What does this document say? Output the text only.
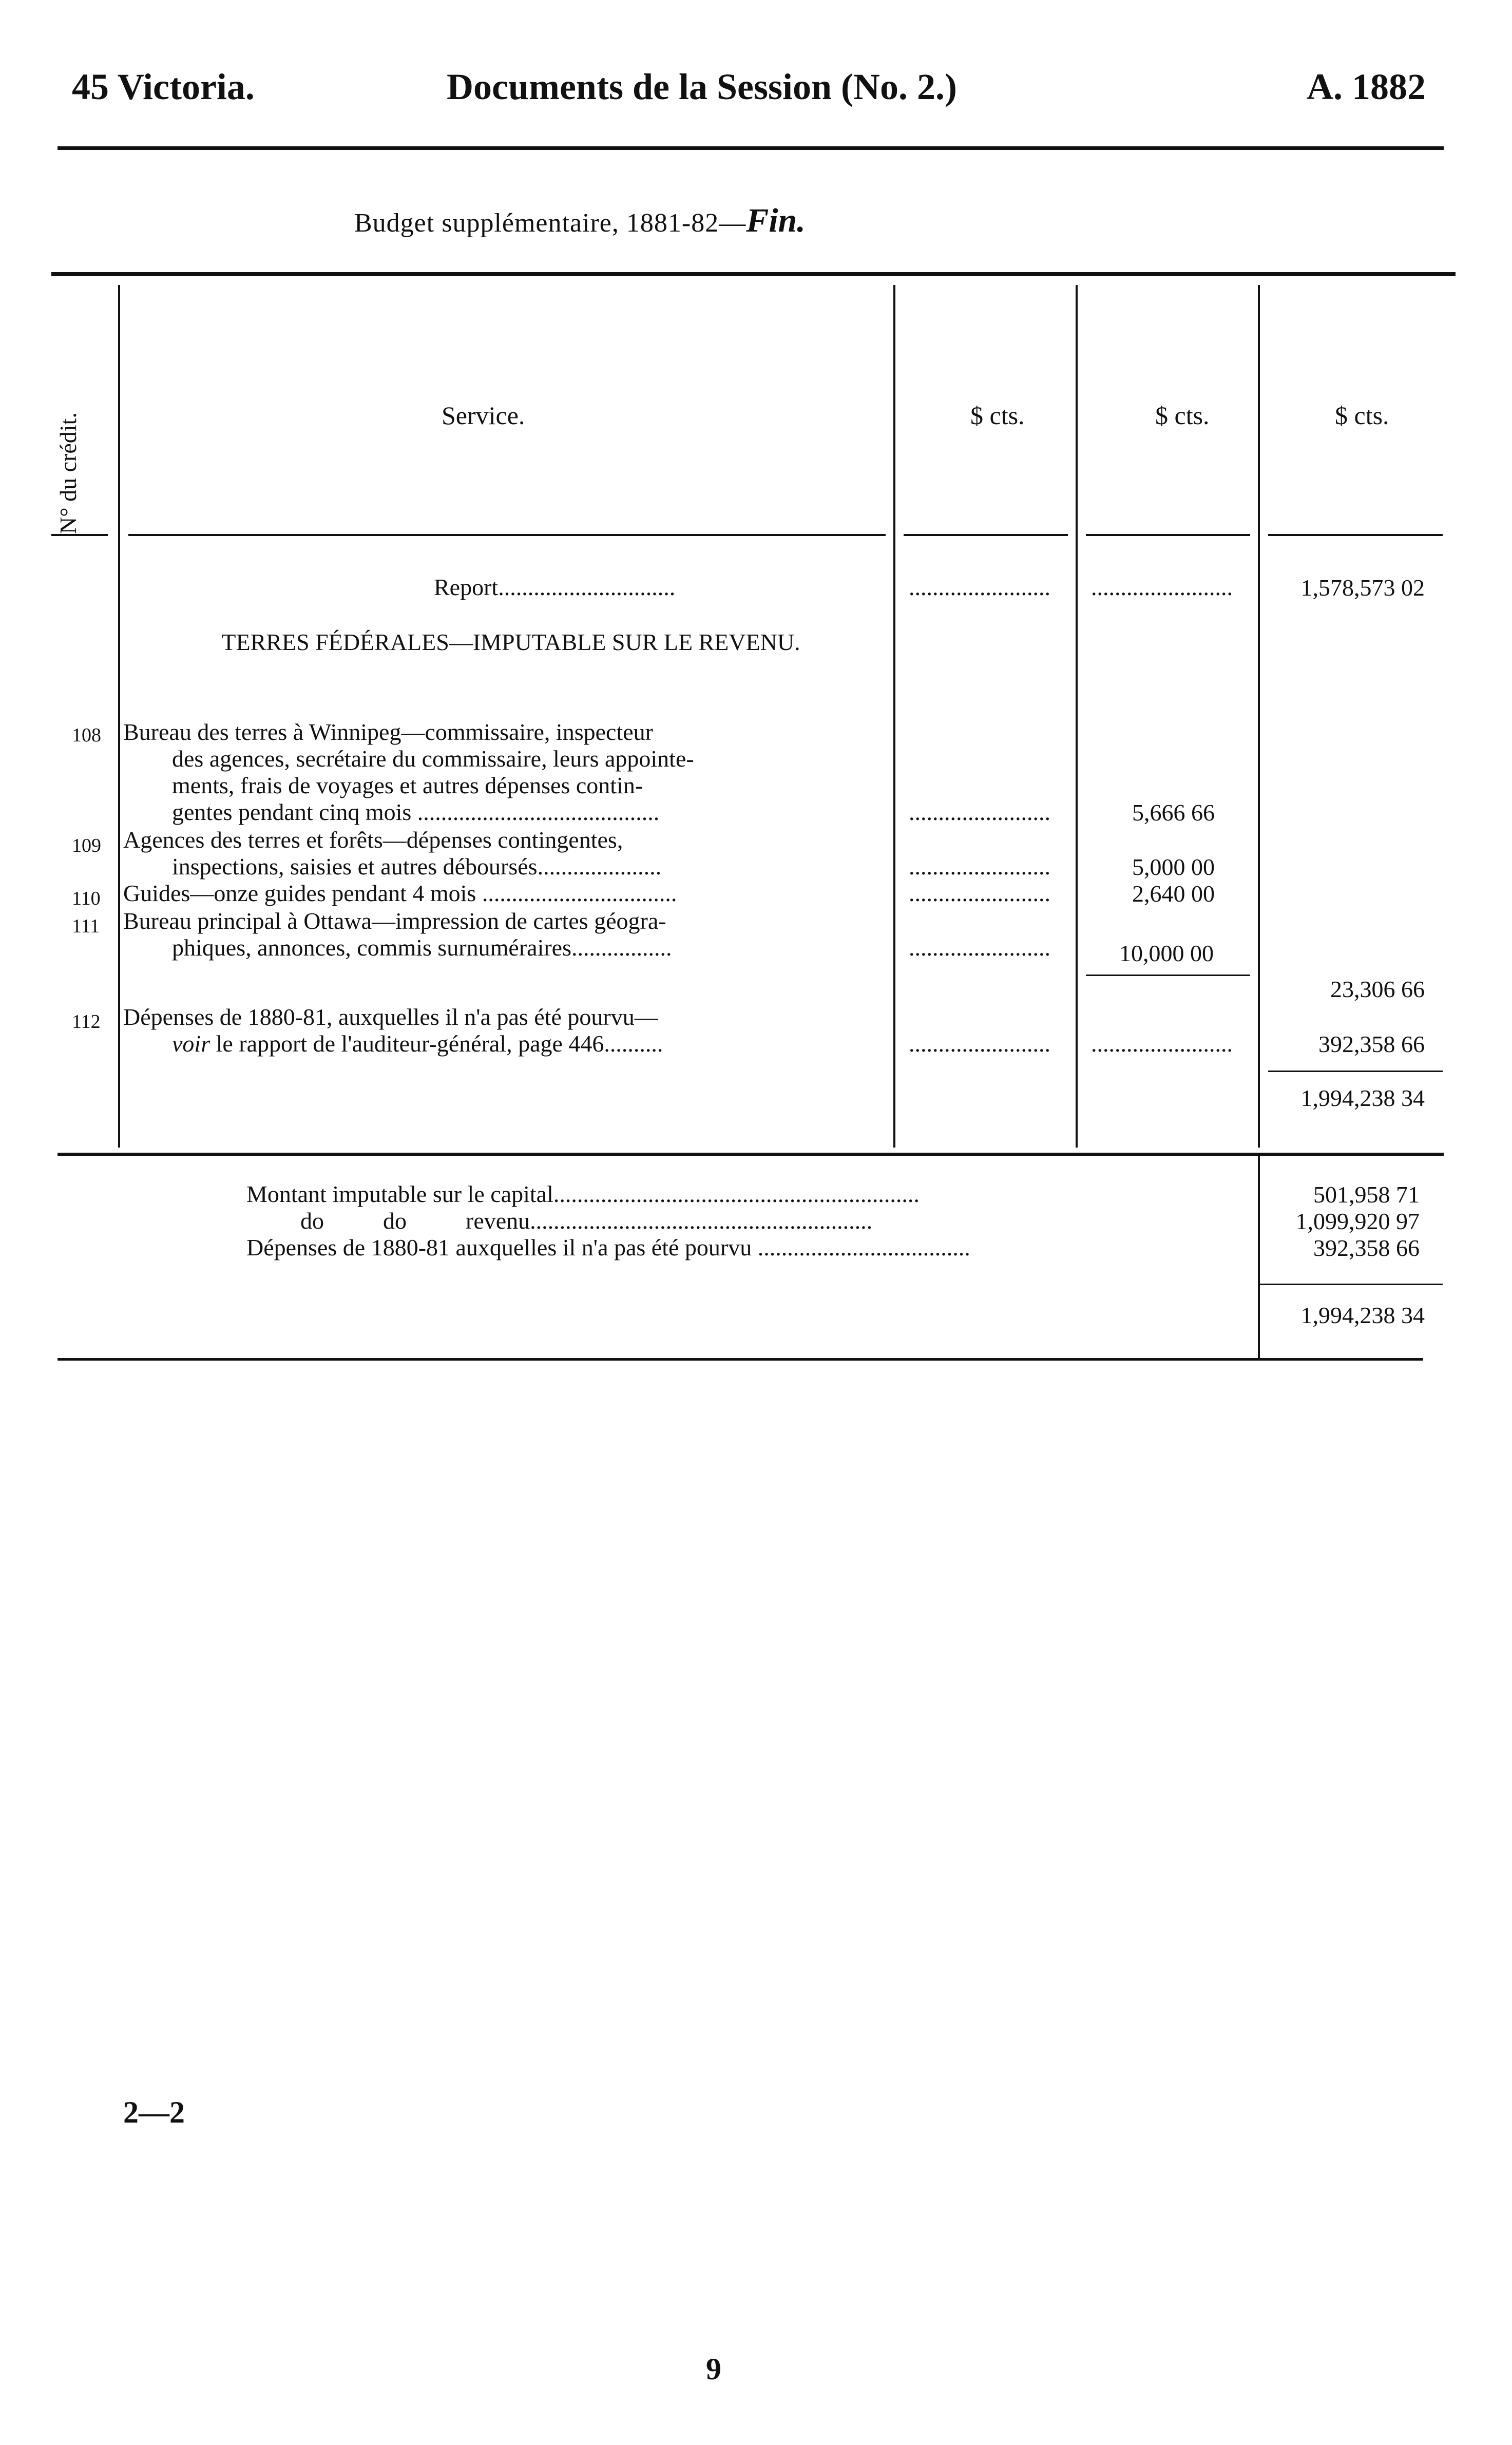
45 Victoria.	Documents de la Session (No. 2.)	A. 1882
Budget supplémentaire, 1881-82—Fin.
N° du crédit.	Service.	$ cts.	$ cts.	$ cts.
Report..............................	........................ ........................	1,578,573 02
TERRES FÉDÉRALES—IMPUTABLE SUR LE REVENU.
108 Bureau des terres à Winnipeg—commissaire, inspecteur
des agences, secrétaire du commissaire, leurs appointe-
ments, frais de voyages et autres dépenses contin-
gentes pendant cinq mois .........................................	........................	5,666 66
109 Agences des terres et forêts—dépenses contingentes,
inspections, saisies et autres déboursés.....................	........................	5,000 00
110 Guides—onze guides pendant 4 mois .................................	........................	2,640 00
111 Bureau principal à Ottawa—impression de cartes géogra-
phiques, annonces, commis surnuméraires.................	........................	10,000 00
23,306 66
112 Dépenses de 1880-81, auxquelles il n'a pas été pourvu—
voir le rapport de l'auditeur-général, page 446..........	........................ ........................	392,358 66
1,994,238 34
Montant imputable sur le capital..............................................................	501,958 71
do          do          revenu..........................................................	1,099,920 97
Dépenses de 1880-81 auxquelles il n'a pas été pourvu ....................................	392,358 66
1,994,238 34
2—2
9
